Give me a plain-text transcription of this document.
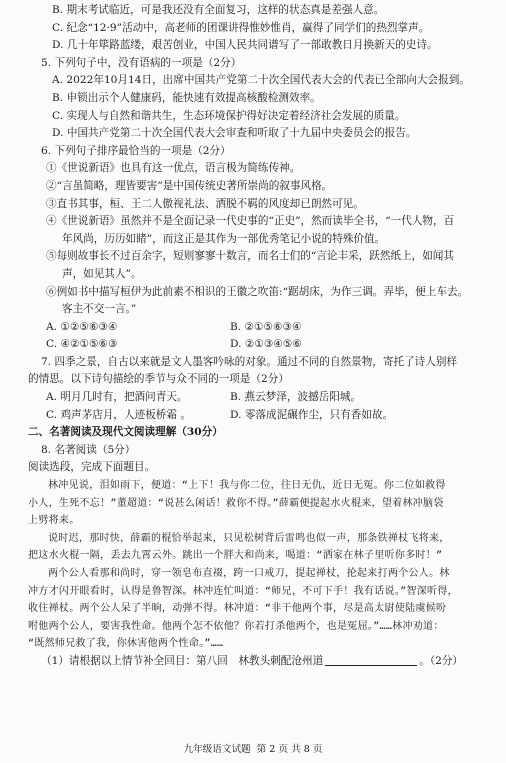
B. 期末考试临近，可是我还没有全面复习，这样的状态真是差强人意。
C. 纪念“12·9”活动中，高老师的团课讲得惟妙惟肖，赢得了同学们的热烈掌声。
D. 几十年筚路蓝缕，艰苦创业，中国人民共同谱写了一部敢教日月换新天的史诗。
5. 下列句子中，没有语病的一项是（2分）
A. 2022年10月14日，出席中国共产党第二十次全国代表大会的代表已全部向大会报到。
B. 申锁出示个人健康码，能快速有效提高核酸检测效率。
C. 实现人与自然和谐共生，生态环境保护得好决定着经济社会发展的质量。
D. 中国共产党第二十次全国代表大会审查和听取了十九届中央委员会的报告。
6. 下列句子排序最恰当的一项是（2分）
①《世说新语》也具有这一优点，语言极为简练传神。
②“言虽简略，理皆要害”是中国传统史著所崇尚的叙事风格。
③直书其事，桓、王二人傲视礼法、洒脱不羁的风度却已朗然可见。
④《世说新语》虽然并不是全面记录一代史事的“正史”，然而读毕全书，“一代人物，百
年风尚，历历如睹”，而这正是其作为一部优秀笔记小说的特殊价值。
⑤每则故事长不过百余字，短则寥寥十数言，而名士们的“言论丰采，跃然纸上，如闻其
声，如见其人”。
⑥例如书中描写桓伊为此前素不相识的王徽之吹笛:“踞胡床，为作三调。弄毕，便上车去。
客主不交一言。”
A. ①②⑤⑥③④	B. ②①⑤⑥③④
C. ④②①⑤⑥③	D. ②①③④⑤⑥
7. 四季之景，自古以来就是文人墨客吟咏的对象。通过不同的自然景物，寄托了诗人别样
的情思。以下诗句描绘的季节与众不同的一项是（2分）
A. 明月几时有，把酒问青天。	B. 燕云梦泽，波撼岳阳城。
C. 鸡声茅店月，人迹板桥霜 。	D. 零落成泥碾作尘，只有香如故。
二、名著阅读及现代文阅读理解（30分）
8. 名著阅读（5分）
阅读选段，完成下面题目。
林冲见说，泪如雨下，便道：“上下！我与你二位，往日无仇，近日无冤。你二位如救得
小人，生死不忘！”董超道：“说甚么闲话！救你不得。”薛霸便提起水火棍来，望着林冲脑袋
上劈将来。
说时迟，那时快，薛霸的棍恰举起来，只见松树背后雷鸣也似一声，那条铁禅杖飞将来，
把这水火棍一隔，丢去九霄云外。跳出一个胖大和尚来，喝道：“洒家在林子里听你多时！”
两个公人看那和尚时，穿一领皂布直裰，跨一口戒刀，提起禅杖，抡起来打两个公人。林
冲方才闪开眼看时，认得是鲁智深。林冲连忙叫道：“师兄，不可下手！我有话说。”智深听得，
收住禅杖。两个公人呆了半晌，动弹不得。林冲道：“非干他两个事，尽是高太尉使陆虞候吩
咐他两个公人，要害我性命。他两个怎不依他？你若打杀他两个，也是冤屈。”……林冲劝道：
“既然师兄救了我，你休害他两个性命。”……
（1）请根据以上情节补全回目：第八回　林教头刺配沧州道	。（2分）
九年级语文试题 第 2 页 共 8 页
